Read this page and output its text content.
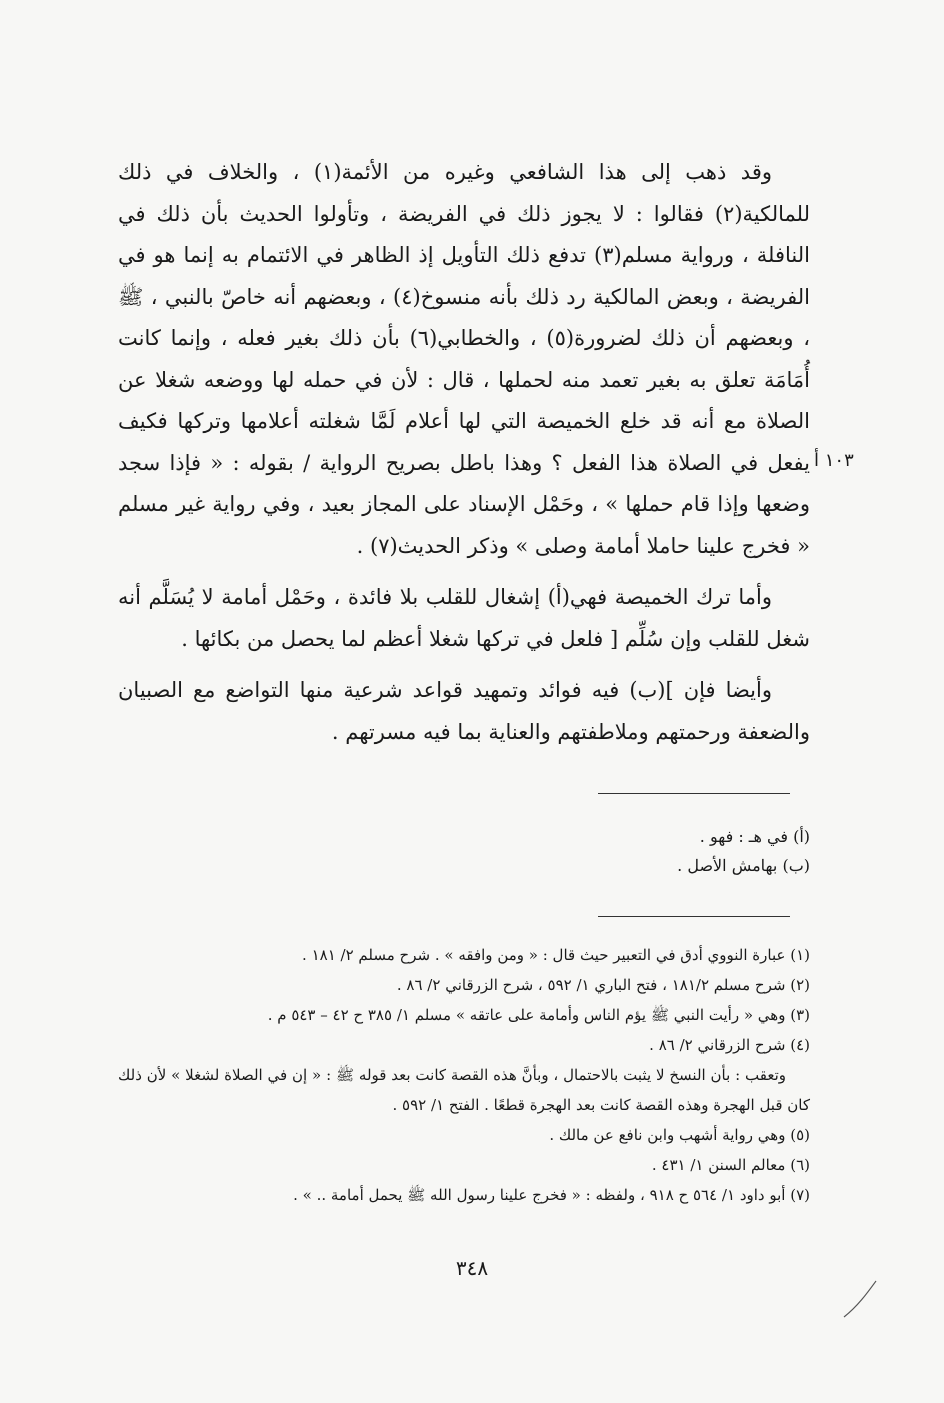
١٠٣ أ

وقد ذهب إلى هذا الشافعي وغيره من الأئمة(١) ، والخلاف في ذلك للمالكية(٢) فقالوا : لا يجوز ذلك في الفريضة ، وتأولوا الحديث بأن ذلك في النافلة ، ورواية مسلم(٣) تدفع ذلك التأويل إذ الظاهر في الائتمام به إنما هو في الفريضة ، وبعض المالكية رد ذلك بأنه منسوخ(٤) ، وبعضهم أنه خاصّ بالنبي ، ﷺ ، وبعضهم أن ذلك لضرورة(٥) ، والخطابي(٦) بأن ذلك بغير فعله ، وإنما كانت أُمَامَة تعلق به بغير تعمد منه لحملها ، قال : لأن في حمله لها ووضعه شغلا عن الصلاة مع أنه قد خلع الخميصة التي لها أعلام لَمَّا شغلته أعلامها وتركها فكيف يفعل في الصلاة هذا الفعل ؟ وهذا باطل بصريح الرواية / بقوله : « فإذا سجد وضعها وإذا قام حملها » ، وحَمْل الإسناد على المجاز بعيد ، وفي رواية غير مسلم « فخرج علينا حاملا أمامة وصلى » وذكر الحديث(٧) .

وأما ترك الخميصة فهي(أ) إشغال للقلب بلا فائدة ، وحَمْل أمامة لا يُسَلَّم أنه شغل للقلب وإن سُلِّم [ فلعل في تركها شغلا أعظم لما يحصل من بكائها .

وأيضا فإن ](ب) فيه فوائد وتمهيد قواعد شرعية منها التواضع مع الصبيان والضعفة ورحمتهم وملاطفتهم والعناية بما فيه مسرتهم .

(أ) في هـ : فهو .

(ب) بهامش الأصل .

(١) عبارة النووي أدق في التعبير حيث قال : « ومن وافقه » . شرح مسلم ٢/ ١٨١ .

(٢) شرح مسلم ١٨١/٢ ، فتح الباري ١/ ٥٩٢ ، شرح الزرقاني ٢/ ٨٦ .

(٣) وهي « رأيت النبي ﷺ يؤم الناس وأمامة على عاتقه » مسلم ١/ ٣٨٥ ح ٤٢ – ٥٤٣ م .

(٤) شرح الزرقاني ٢/ ٨٦ .

وتعقب : بأن النسخ لا يثبت بالاحتمال ، وبأنَّ هذه القصة كانت بعد قوله ﷺ : « إن في الصلاة لشغلا » لأن ذلك كان قبل الهجرة وهذه القصة كانت بعد الهجرة قطعًا . الفتح ١/ ٥٩٢ .

(٥) وهي رواية أشهب وابن نافع عن مالك .

(٦) معالم السنن ١/ ٤٣١ .

(٧) أبو داود ١/ ٥٦٤ ح ٩١٨ ، ولفظه : « فخرج علينا رسول الله ﷺ يحمل أمامة .. » .

٣٤٨
